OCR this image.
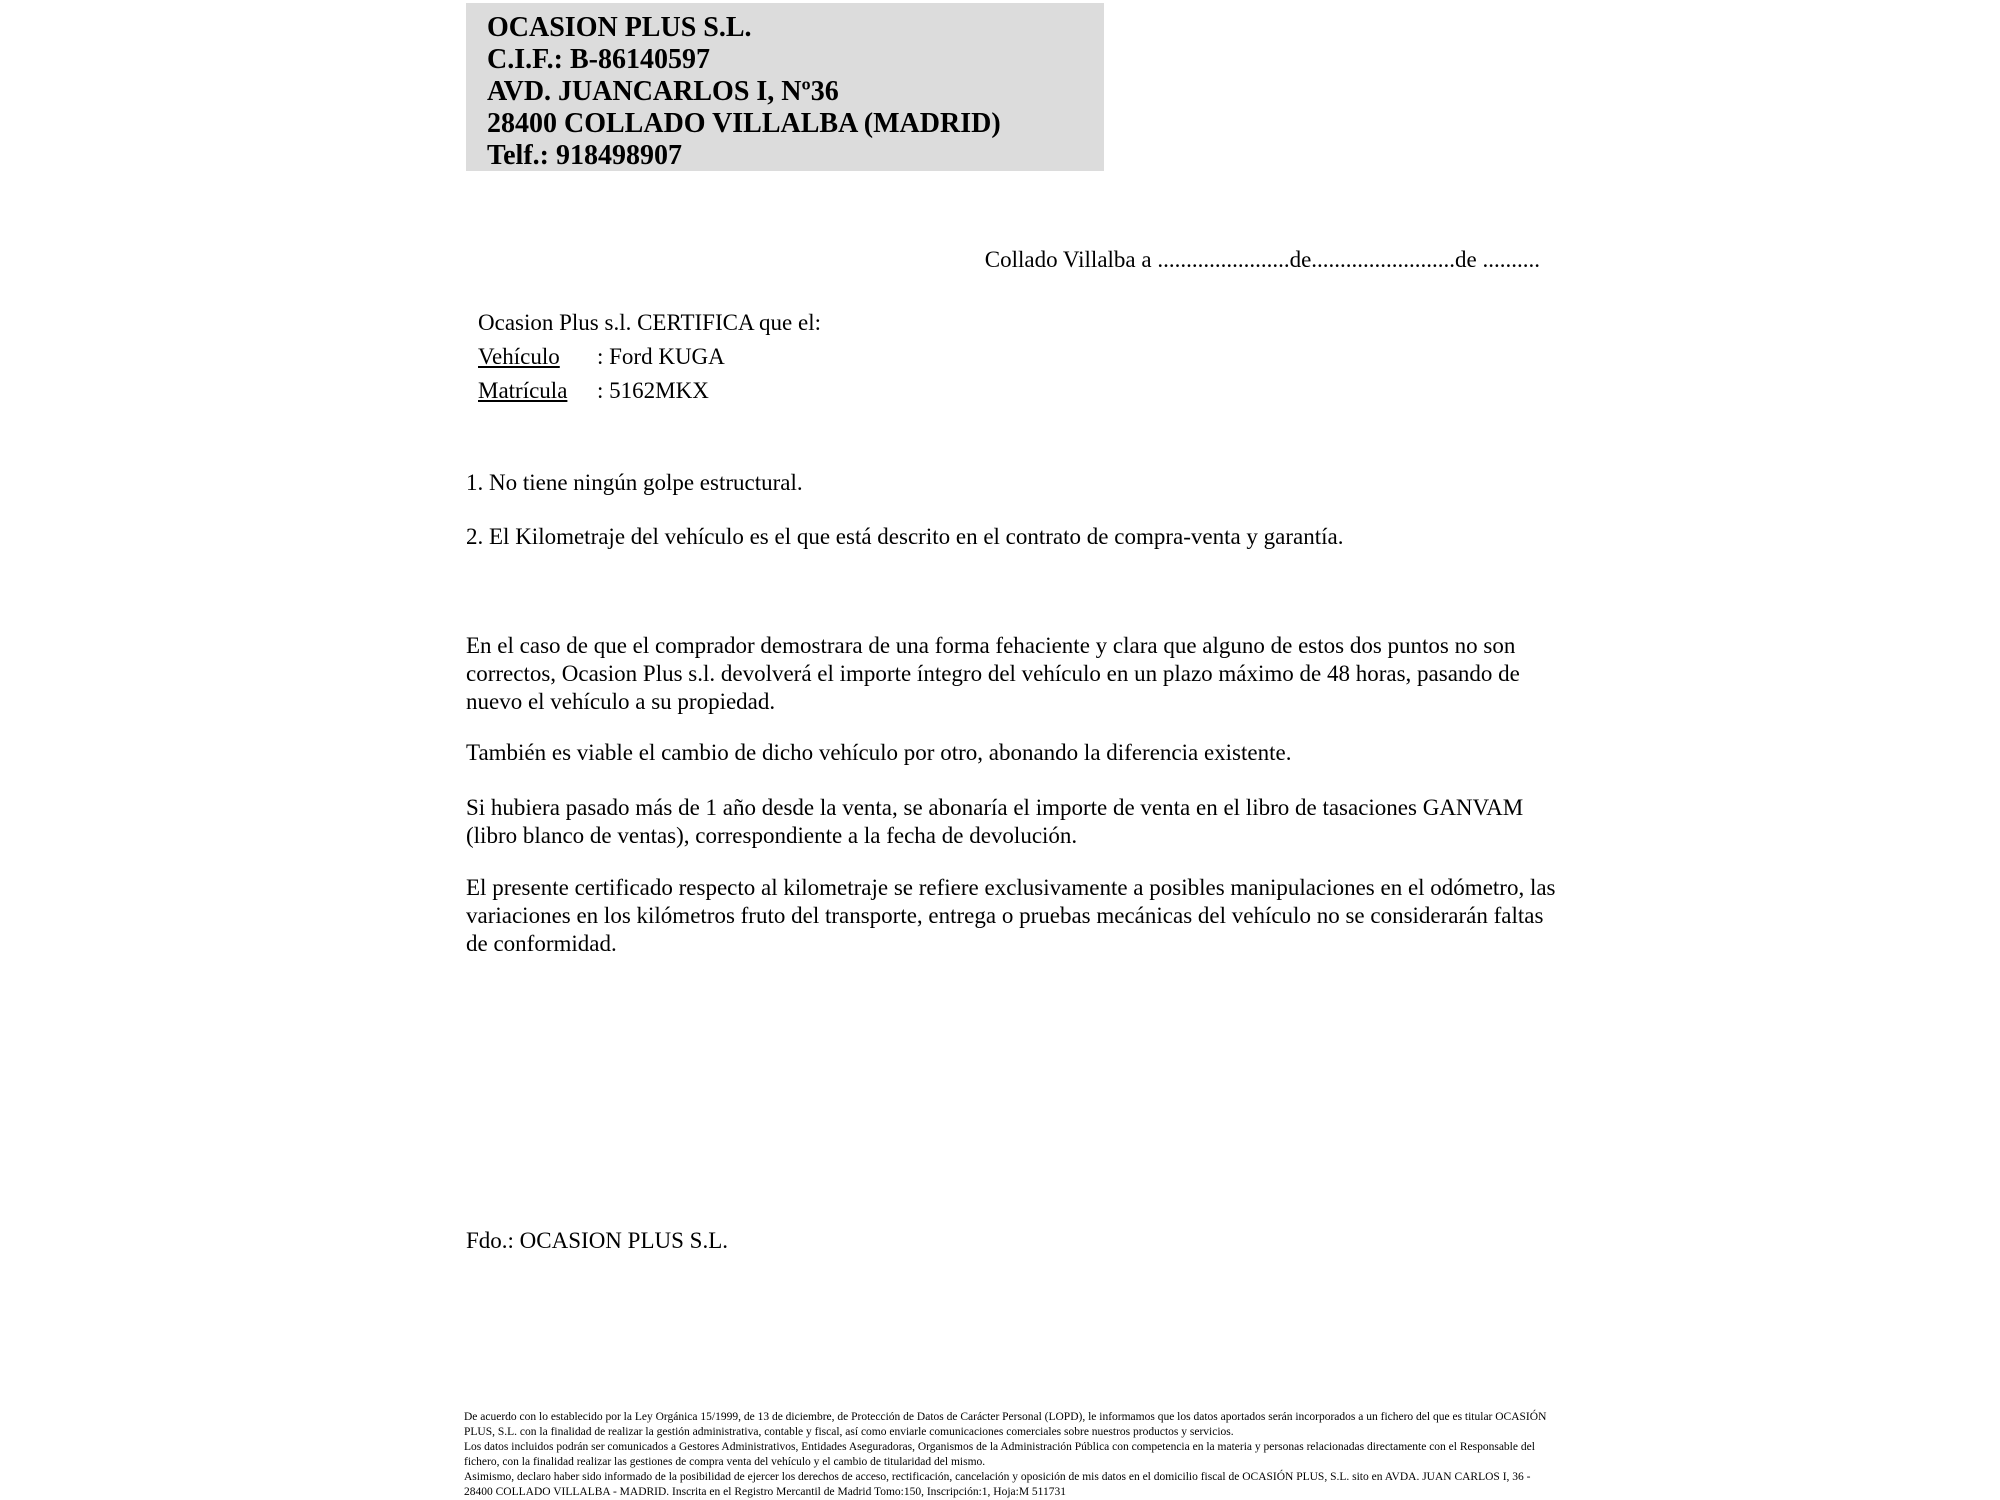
OCASION PLUS S.L.
C.I.F.: B-86140597
AVD. JUANCARLOS I, Nº36
28400 COLLADO VILLALBA (MADRID)
Telf.: 918498907
Collado Villalba a .......................de.........................de ..........
Ocasion Plus s.l. CERTIFICA que el:
Vehículo : Ford KUGA
Matrícula : 5162MKX
1. No tiene ningún golpe estructural.
2. El Kilometraje del vehículo es el que está descrito en el contrato de compra-venta y garantía.
En el caso de que el comprador demostrara de una forma fehaciente y clara que alguno de estos dos puntos no son correctos, Ocasion Plus s.l. devolverá el importe íntegro del vehículo en un plazo máximo de 48 horas, pasando de nuevo el vehículo a su propiedad.
También es viable el cambio de dicho vehículo por otro, abonando la diferencia existente.
Si hubiera pasado más de 1 año desde la venta, se abonaría el importe de venta en el libro de tasaciones GANVAM (libro blanco de ventas), correspondiente a la fecha de devolución.
El presente certificado respecto al kilometraje se refiere exclusivamente a posibles manipulaciones en el odómetro, las variaciones en los kilómetros fruto del transporte, entrega o pruebas mecánicas del vehículo no se considerarán faltas de conformidad.
Fdo.: OCASION PLUS S.L.

De acuerdo con lo establecido por la Ley Orgánica 15/1999, de 13 de diciembre, de Protección de Datos de Carácter Personal (LOPD), le informamos que los datos aportados serán incorporados a un fichero del que es titular OCASIÓN PLUS, S.L. con la finalidad de realizar la gestión administrativa, contable y fiscal, así como enviarle comunicaciones comerciales sobre nuestros productos y servicios.

Los datos incluidos podrán ser comunicados a Gestores Administrativos, Entidades Aseguradoras, Organismos de la Administración Pública con competencia en la materia y personas relacionadas directamente con el Responsable del fichero, con la finalidad realizar las gestiones de compra venta del vehículo y el cambio de titularidad del mismo.

Asimismo, declaro haber sido informado de la posibilidad de ejercer los derechos de acceso, rectificación, cancelación y oposición de mis datos en el domicilio fiscal de OCASIÓN PLUS, S.L. sito en AVDA. JUAN CARLOS I, 36 - 28400 COLLADO VILLALBA - MADRID. Inscrita en el Registro Mercantil de Madrid Tomo:150, Inscripción:1, Hoja:M 511731
